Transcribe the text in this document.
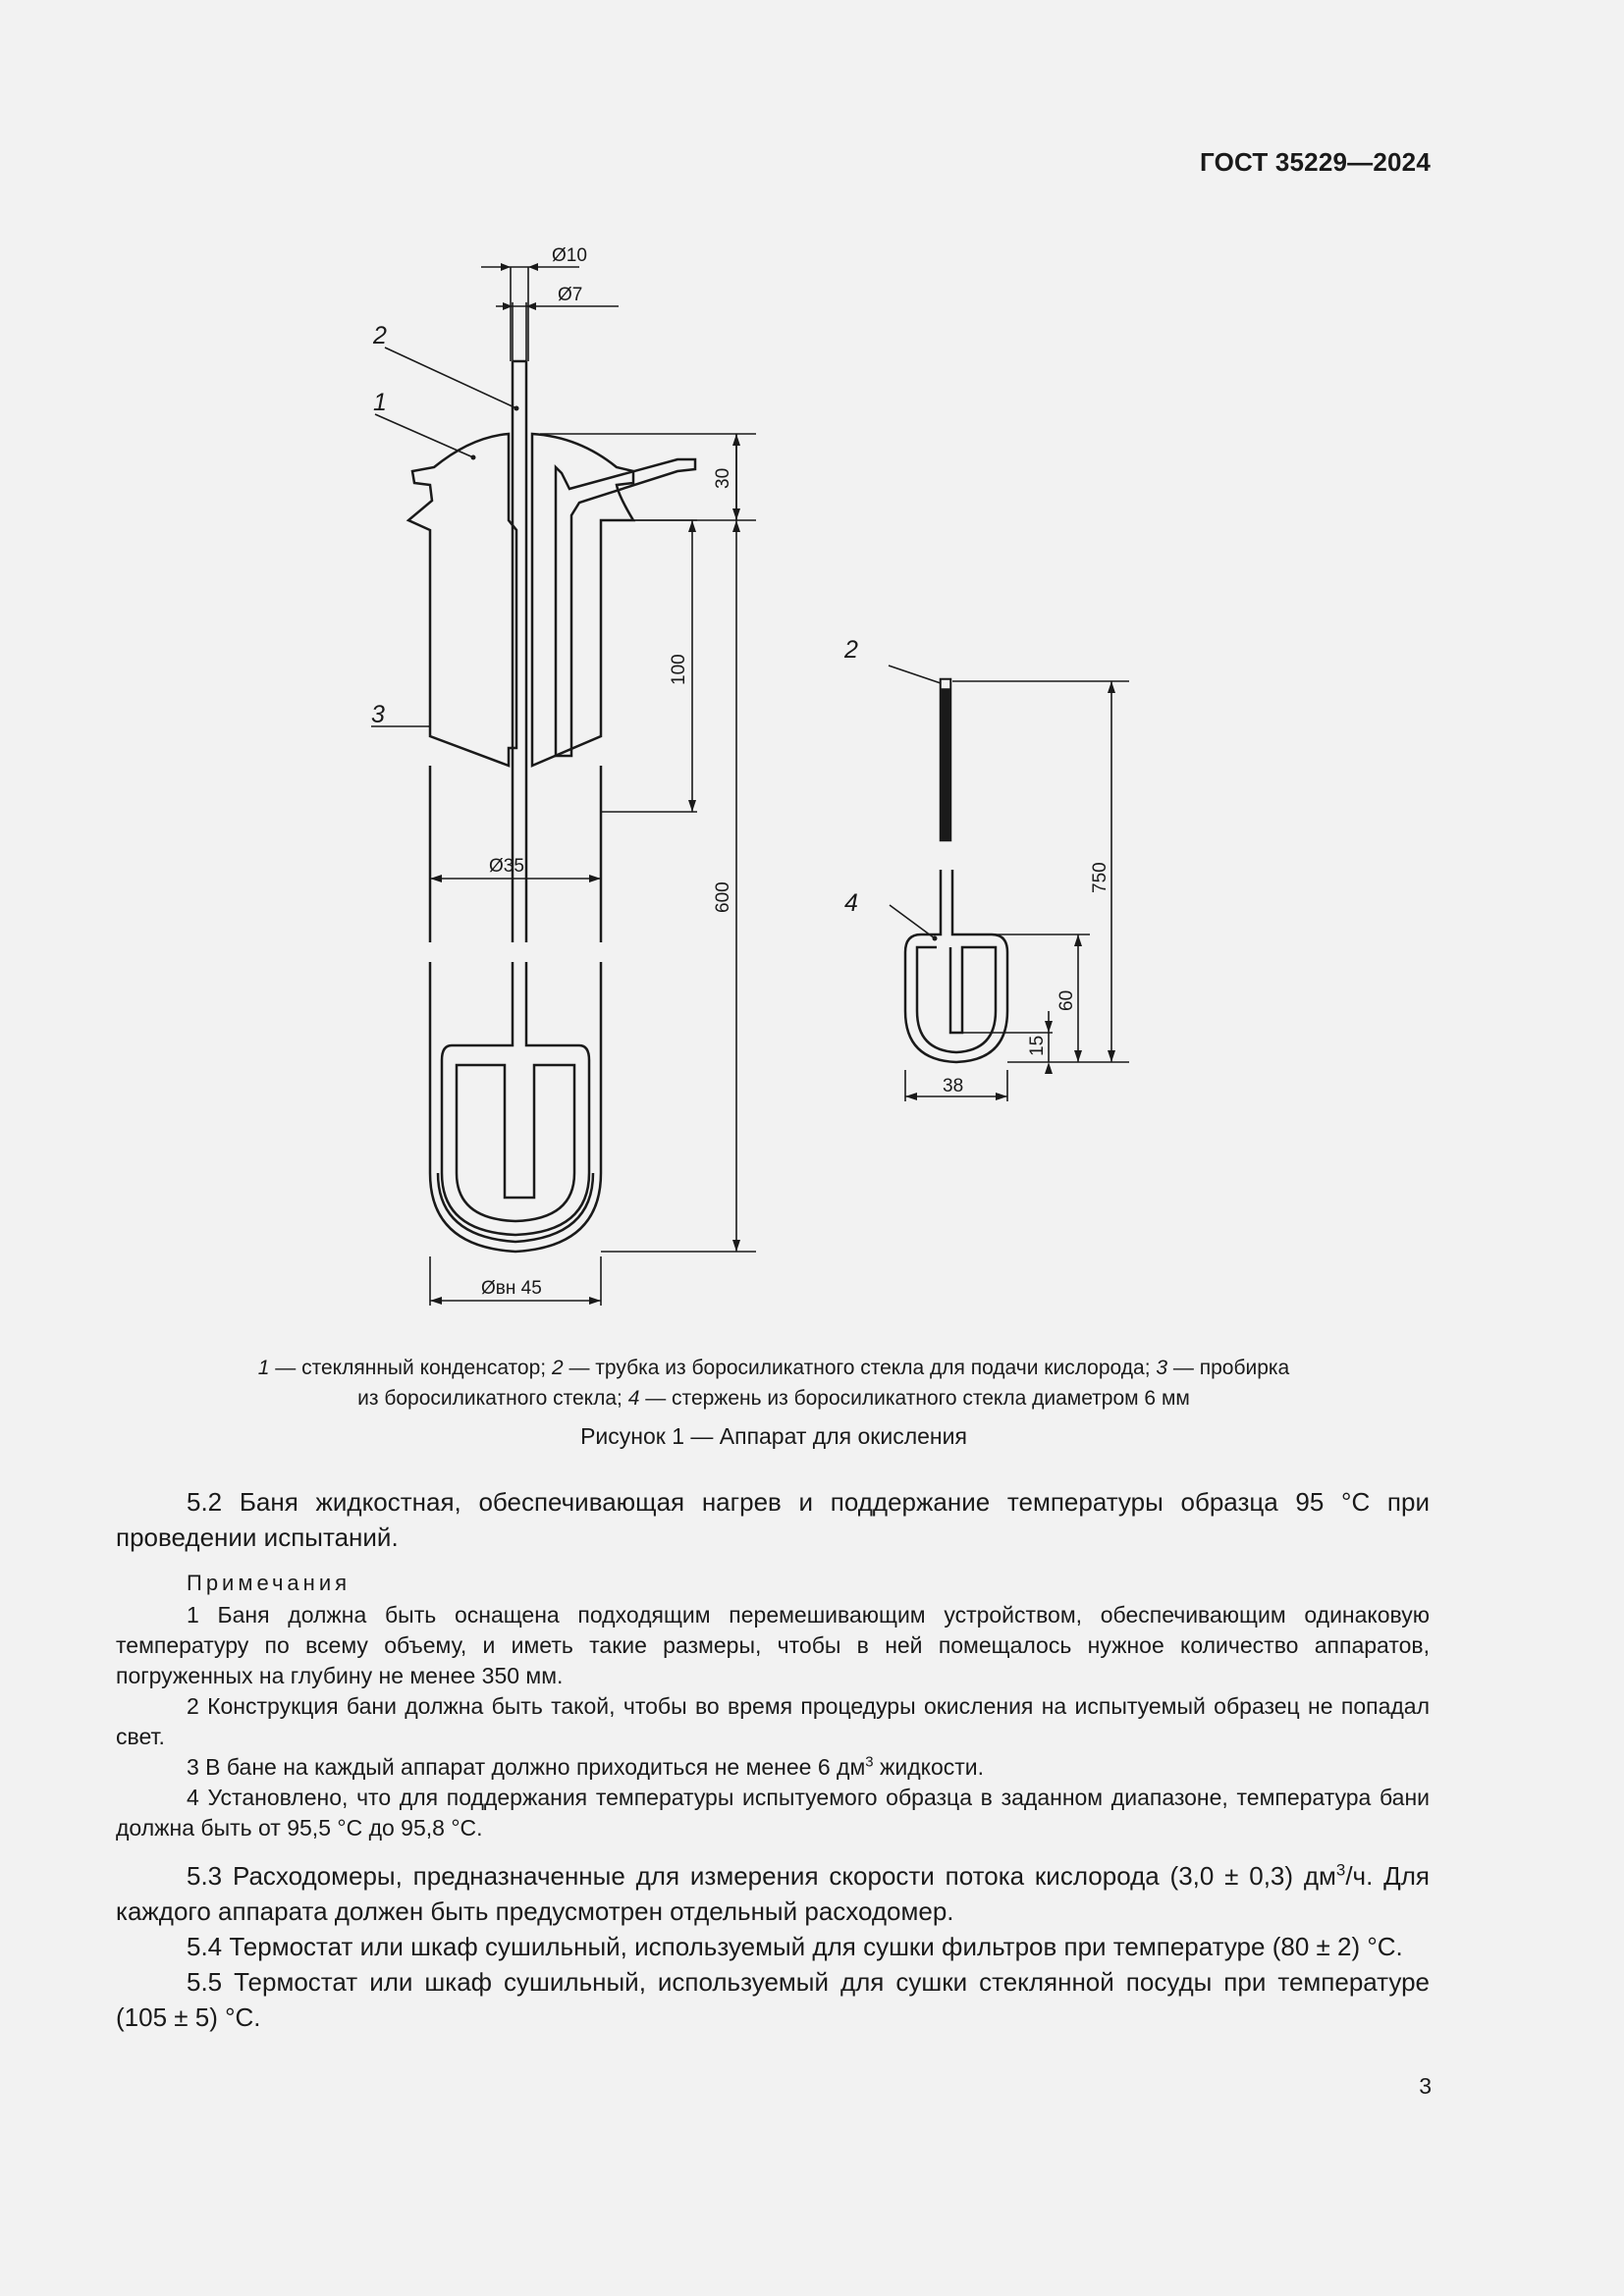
ГОСТ 35229—2024
Ø10
Ø7
Ø35
Øвн 45
30
100
600
2
1
3
750
60
15
38
2
4
1 — стеклянный конденсатор; 2 — трубка из боросиликатного стекла для подачи кислорода; 3 — пробирка
из боросиликатного стекла; 4 — стержень из боросиликатного стекла диаметром 6 мм
Рисунок 1 — Аппарат для окисления

5.2 Баня жидкостная, обеспечивающая нагрев и поддержание температуры образца 95 °С при проведении испытаний.

Примечания

1 Баня должна быть оснащена подходящим перемешивающим устройством, обеспечивающим одинаковую температуру по всему объему, и иметь такие размеры, чтобы в ней помещалось нужное количество аппаратов, погруженных на глубину не менее 350 мм.

2 Конструкция бани должна быть такой, чтобы во время процедуры окисления на испытуемый образец не попадал свет.

3 В бане на каждый аппарат должно приходиться не менее 6 $дм^3$ жидкости.

4 Установлено, что для поддержания температуры испытуемого образца в заданном диапазоне, температура бани должна быть от 95,5 °С до 95,8 °С.

5.3 Расходомеры, предназначенные для измерения скорости потока кислорода (3,0 ± 0,3) $дм^3/ч$. Для каждого аппарата должен быть предусмотрен отдельный расходомер.

5.4 Термостат или шкаф сушильный, используемый для сушки фильтров при температуре (80 ± 2) °С.

5.5 Термостат или шкаф сушильный, используемый для сушки стеклянной посуды при температуре (105 ± 5) °С.

3
